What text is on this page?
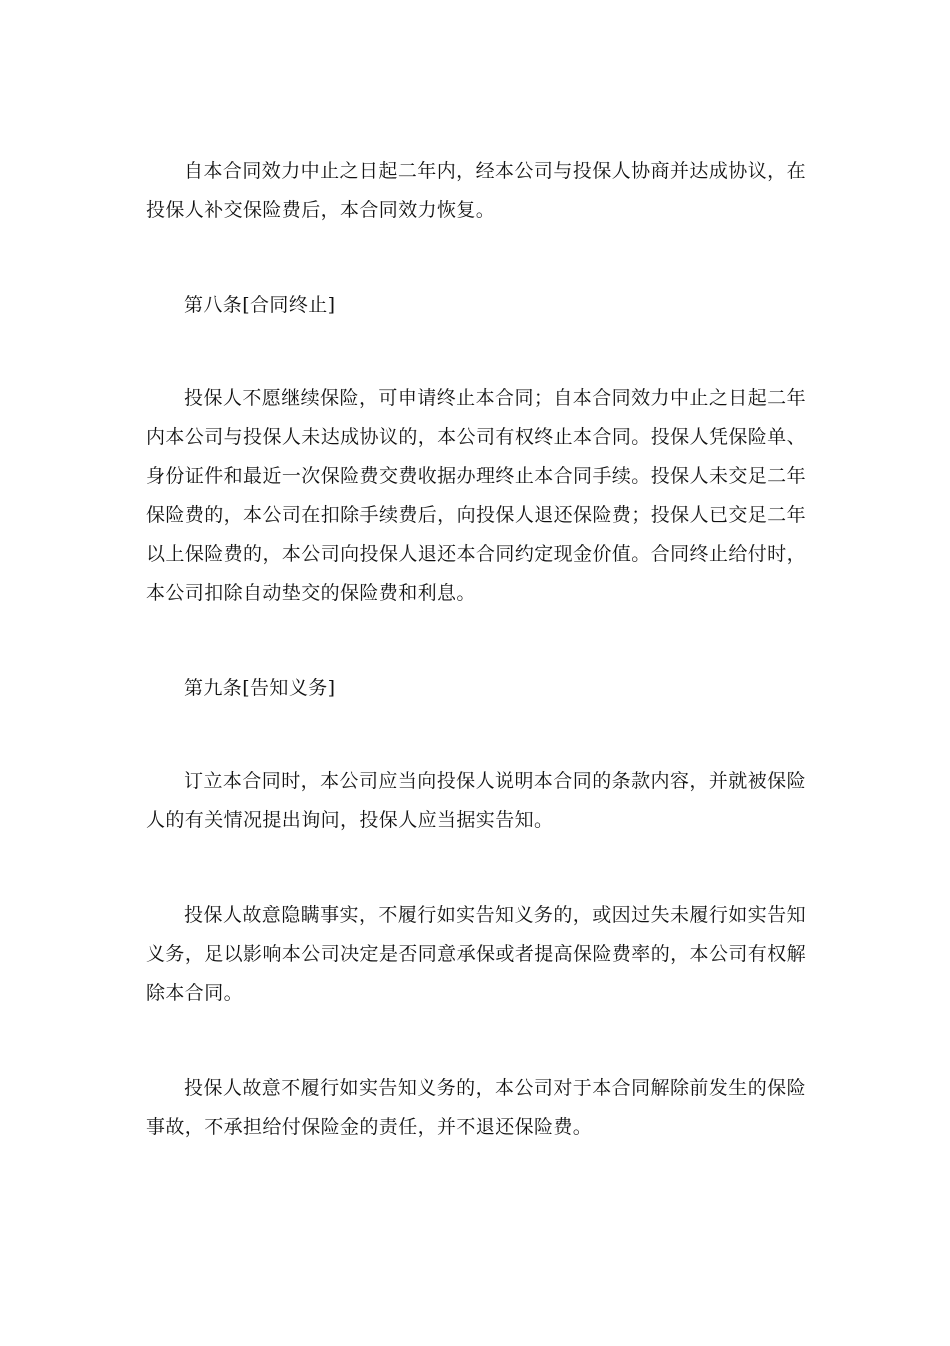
自本合同效力中止之日起二年内，经本公司与投保人协商并达成协议，在投保人补交保险费后，本合同效力恢复。

第八条[合同终止]

投保人不愿继续保险，可申请终止本合同；自本合同效力中止之日起二年内本公司与投保人未达成协议的，本公司有权终止本合同。投保人凭保险单、身份证件和最近一次保险费交费收据办理终止本合同手续。投保人未交足二年保险费的，本公司在扣除手续费后，向投保人退还保险费；投保人已交足二年以上保险费的，本公司向投保人退还本合同约定现金价值。合同终止给付时，本公司扣除自动垫交的保险费和利息。

第九条[告知义务]

订立本合同时，本公司应当向投保人说明本合同的条款内容，并就被保险人的有关情况提出询问，投保人应当据实告知。

投保人故意隐瞒事实，不履行如实告知义务的，或因过失未履行如实告知义务，足以影响本公司决定是否同意承保或者提高保险费率的，本公司有权解除本合同。

投保人故意不履行如实告知义务的，本公司对于本合同解除前发生的保险事故，不承担给付保险金的责任，并不退还保险费。
